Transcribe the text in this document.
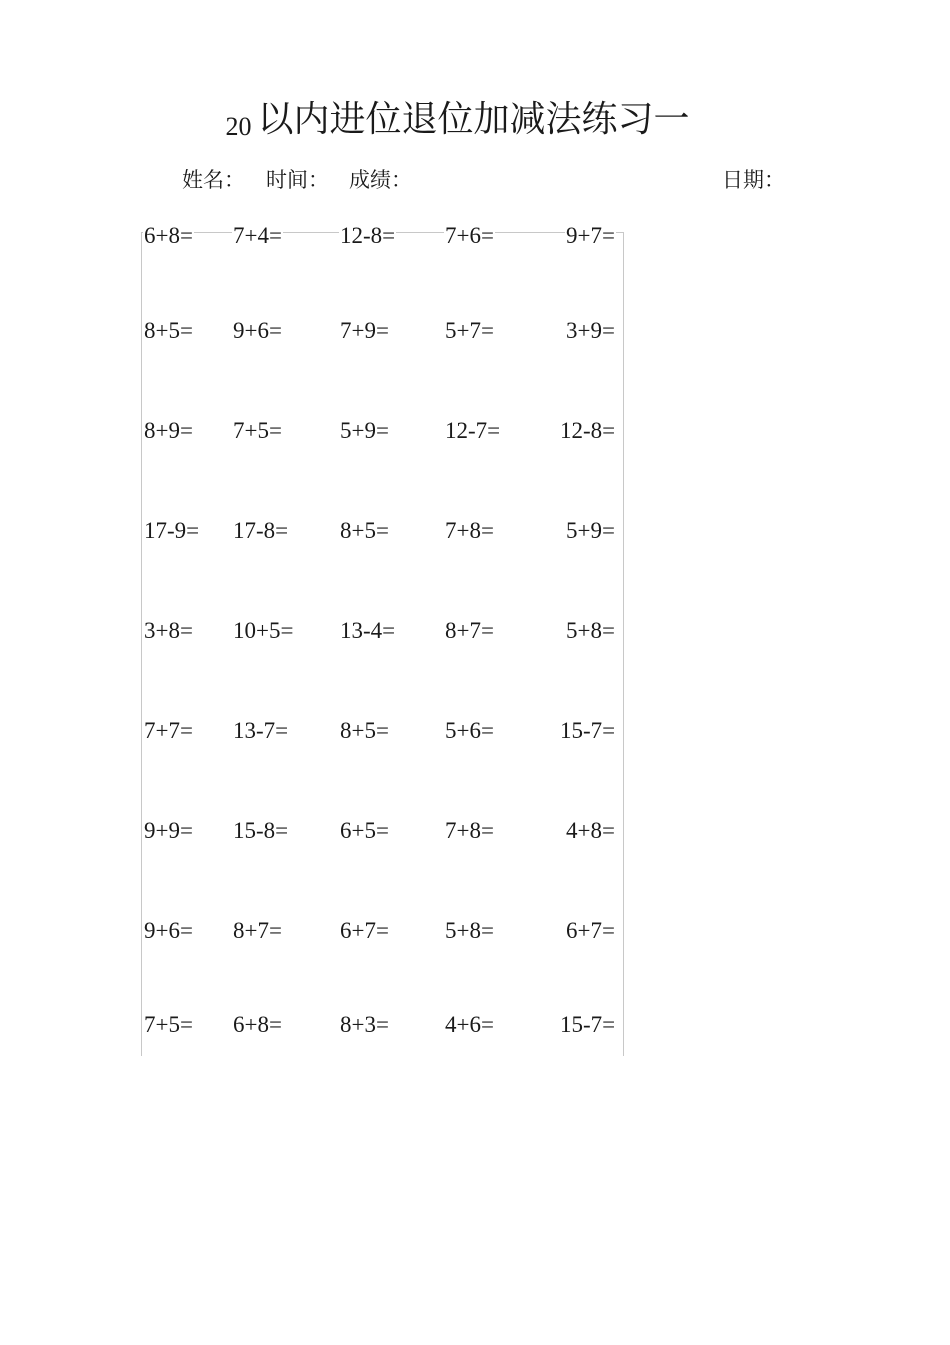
20 以内进位退位加减法练习一
姓名： 时间： 成绩：	日期：
6+8= 7+4=	12-8= 7+6=	9+7=
8+5= 9+6=	7+9= 5+7=	3+9=
8+9= 7+5=	5+9= 12-7=	12-8=
17-9= 17-8= 8+5= 7+8=	5+9=
3+8= 10+5= 13-4= 8+7=	5+8=
7+7= 13-7= 8+5= 5+6=	15-7=
9+9= 15-8= 6+5= 7+8=	4+8=
9+6= 8+7=	6+7= 5+8=	6+7=
7+5= 6+8=	8+3= 4+6=	15-7=
